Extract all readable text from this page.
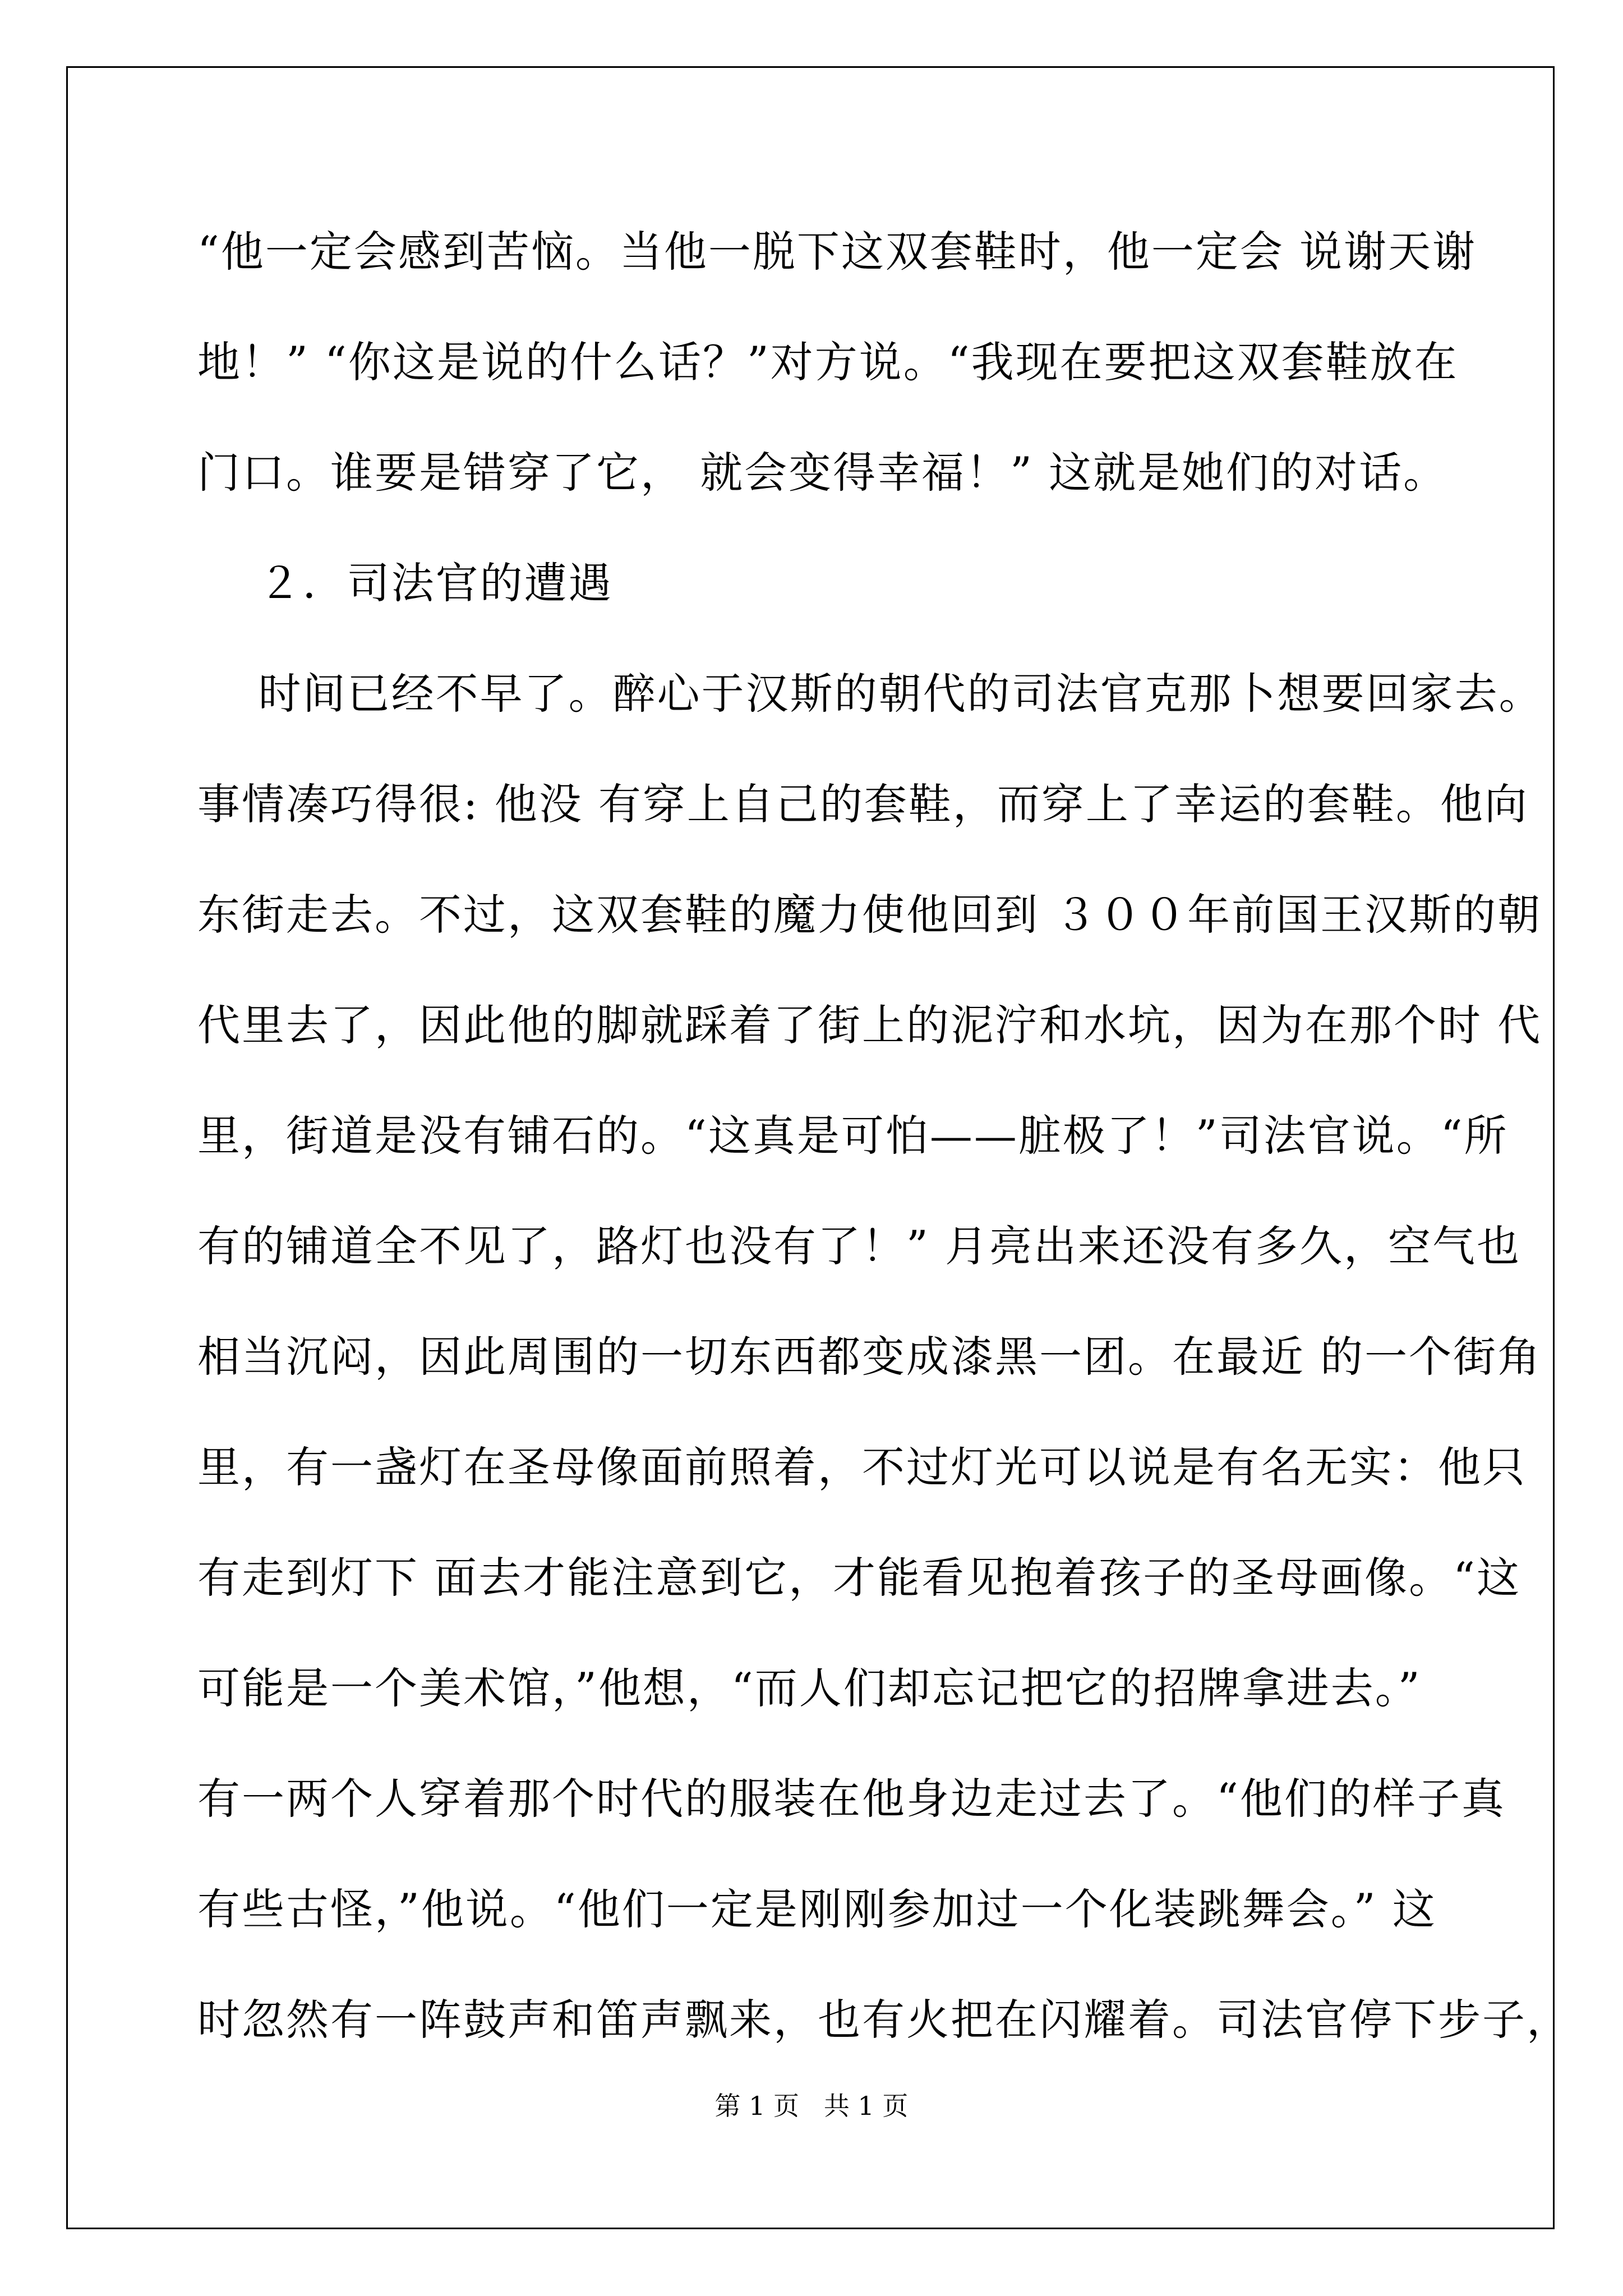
“他一定会感到苦恼。当他一脱下这双套鞋时，他一定会 说谢天谢
地！” “你这是说的什么话？”对方说。“我现在要把这双套鞋放在
门口。谁要是错穿了它， 就会变得幸福！” 这就是她们的对话。
２．司法官的遭遇
时间已经不早了。醉心于汉斯的朝代的司法官克那卜想要回家去。
事情凑巧得很: 他没 有穿上自己的套鞋，而穿上了幸运的套鞋。他向
东街走去。不过，这双套鞋的魔力使他回到 ３００年前国王汉斯的朝
代里去了，因此他的脚就踩着了街上的泥泞和水坑，因为在那个时 代
里，街道是没有铺石的。“这真是可怕——脏极了！”司法官说。“所
有的铺道全不见了，路灯也没有了！” 月亮出来还没有多久，空气也
相当沉闷，因此周围的一切东西都变成漆黑一团。在最近 的一个街角
里，有一盏灯在圣母像面前照着，不过灯光可以说是有名无实：他只
有走到灯下 面去才能注意到它，才能看见抱着孩子的圣母画像。“这
可能是一个美术馆，”他想，“而人们却忘记把它的招牌拿进去。”
有一两个人穿着那个时代的服装在他身边走过去了。“他们的样子真
有些古怪，”他说。“他们一定是刚刚参加过一个化装跳舞会。” 这
时忽然有一阵鼓声和笛声飘来，也有火把在闪耀着。司法官停下步子，
第 1 页   共 1 页
